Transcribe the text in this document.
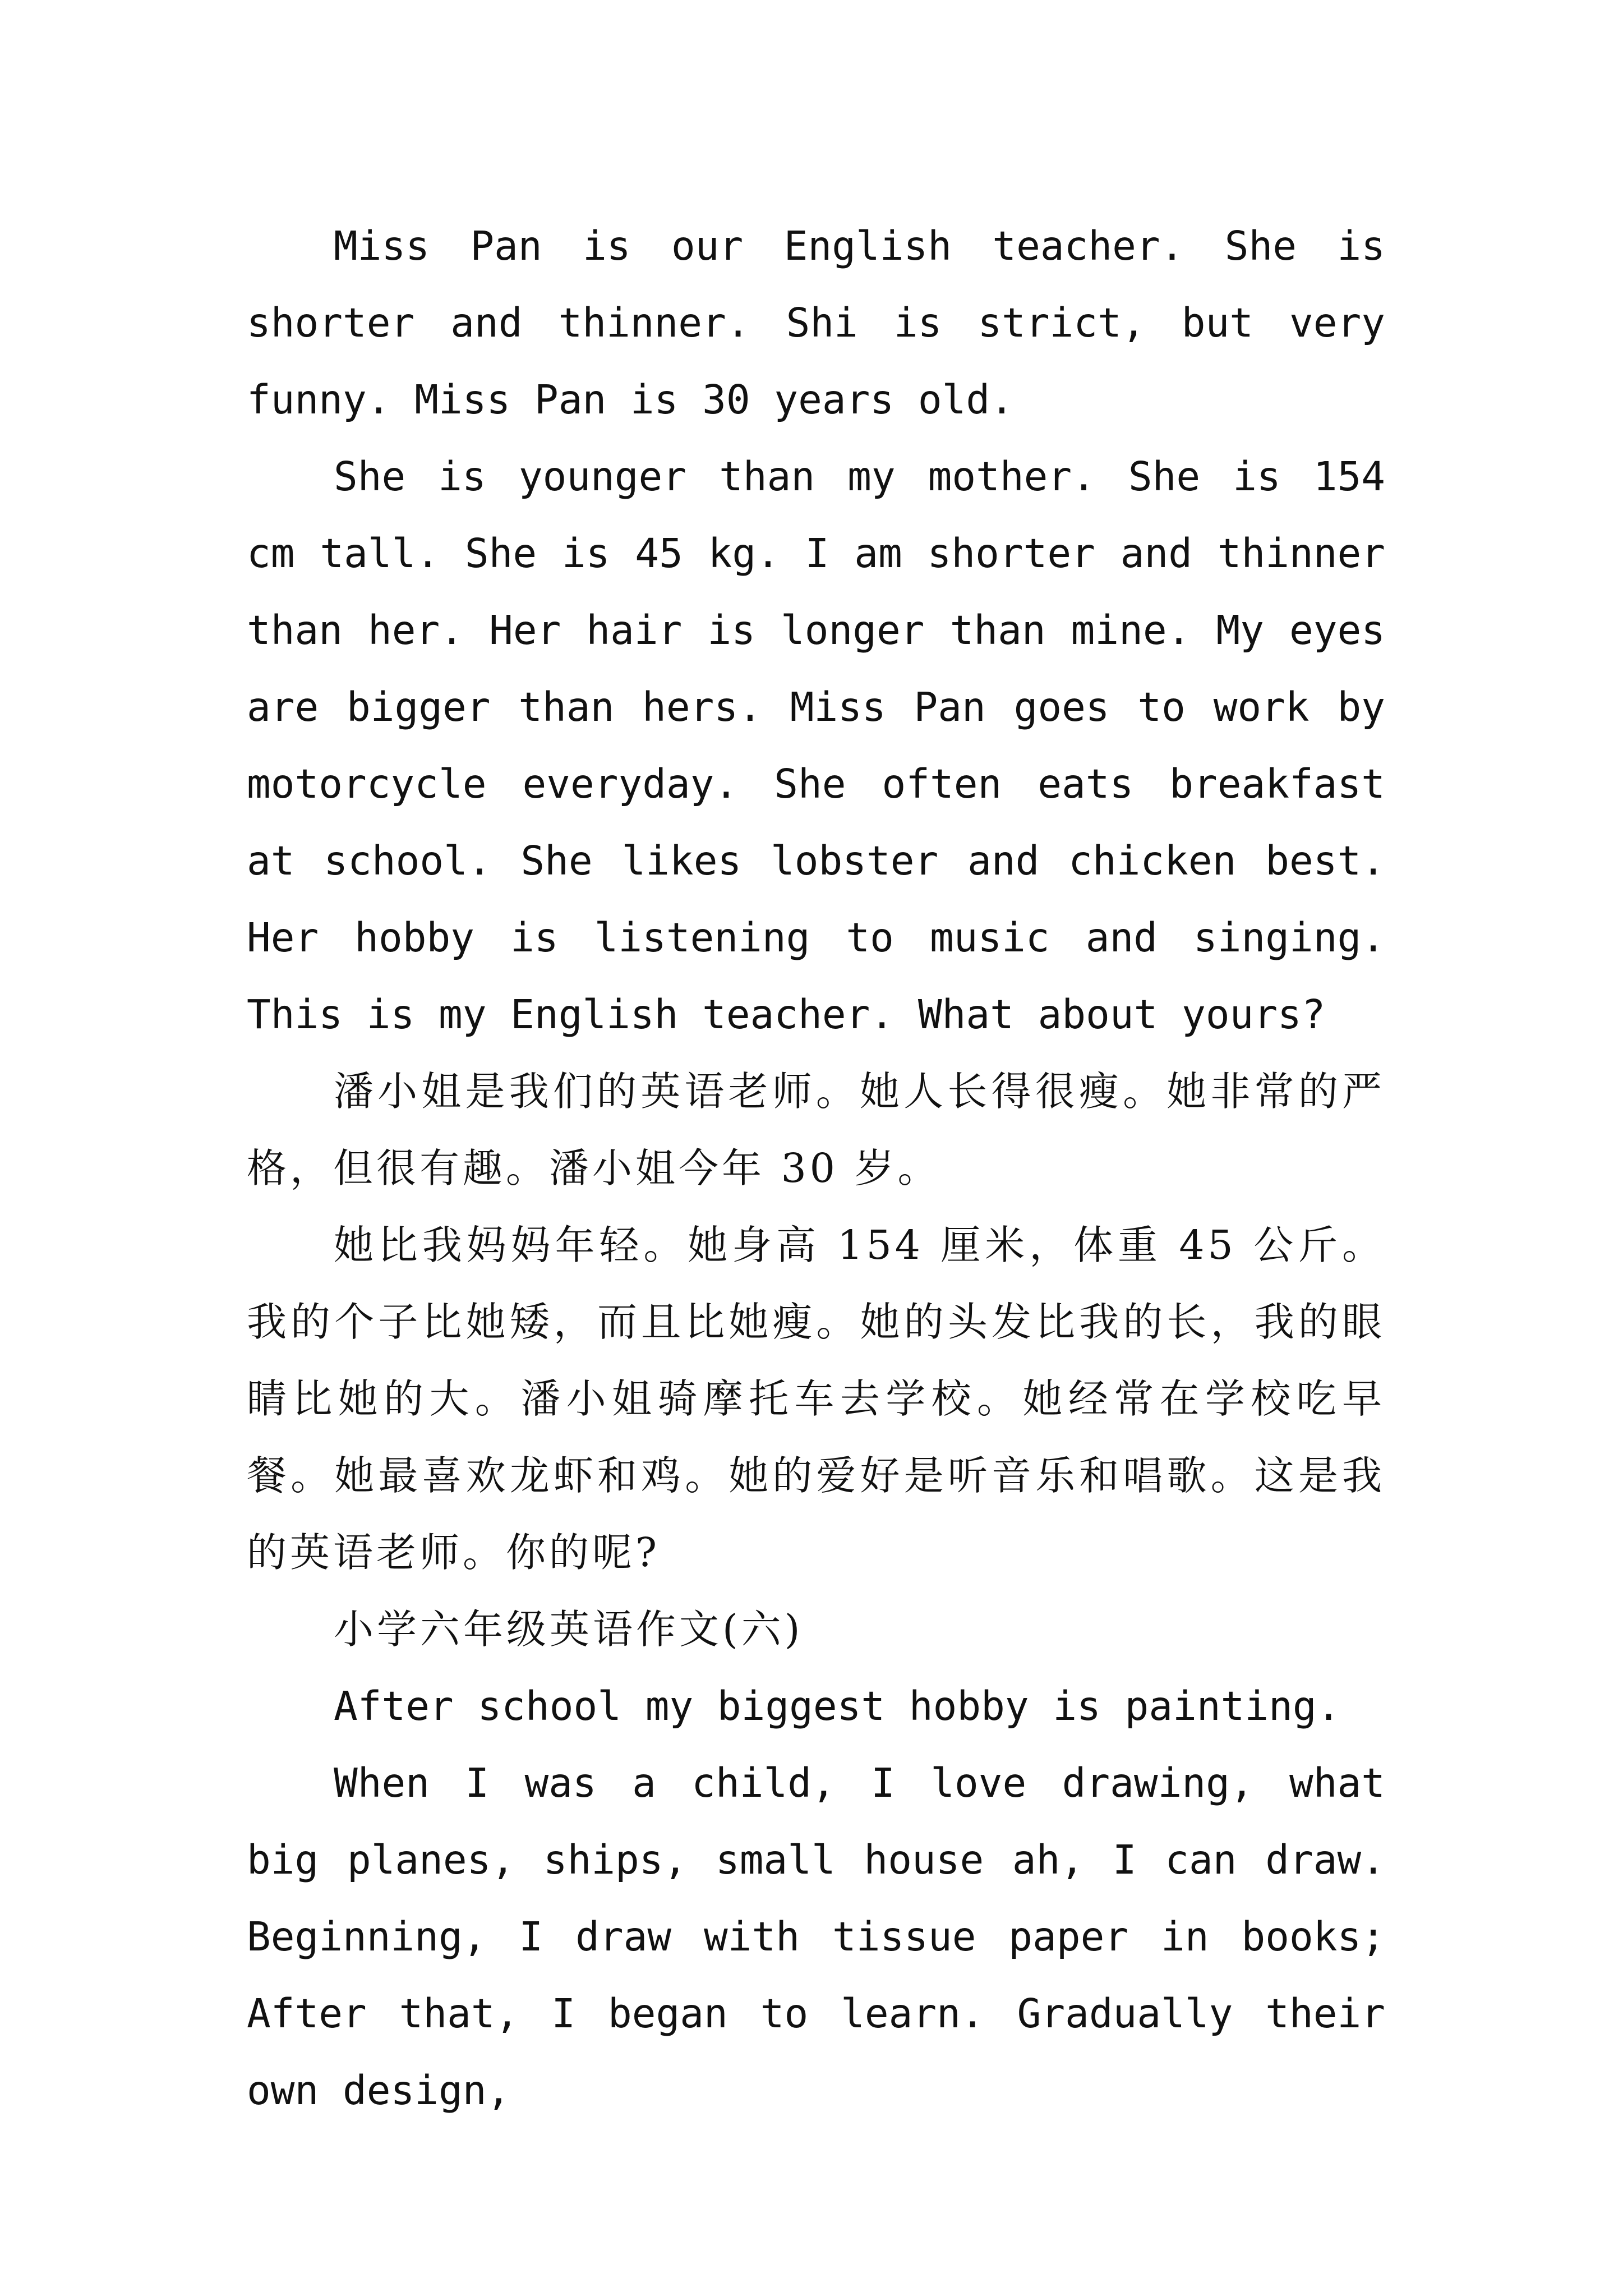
Miss Pan is our English teacher. She is shorter and thinner. Shi is strict, but very funny. Miss Pan is 30 years old.

She is younger than my mother. She is 154 cm tall. She is 45 kg. I am shorter and thinner than her. Her hair is longer than mine. My eyes are bigger than hers. Miss Pan goes to work by motorcycle everyday. She often eats breakfast at school. She likes lobster and chicken best. Her hobby is listening to music and singing. This is my English teacher. What about yours?

潘小姐是我们的英语老师。她人长得很瘦。她非常的严格，但很有趣。潘小姐今年 30 岁。

她比我妈妈年轻。她身高 154 厘米，体重 45 公斤。我的个子比她矮，而且比她瘦。她的头发比我的长，我的眼睛比她的大。潘小姐骑摩托车去学校。她经常在学校吃早餐。她最喜欢龙虾和鸡。她的爱好是听音乐和唱歌。这是我的英语老师。你的呢?

小学六年级英语作文(六)

After school my biggest hobby is painting.

When I was a child, I love drawing, what big planes, ships, small house ah, I can draw. Beginning, I draw with tissue paper in books; After that, I began to learn. Gradually their own design,
